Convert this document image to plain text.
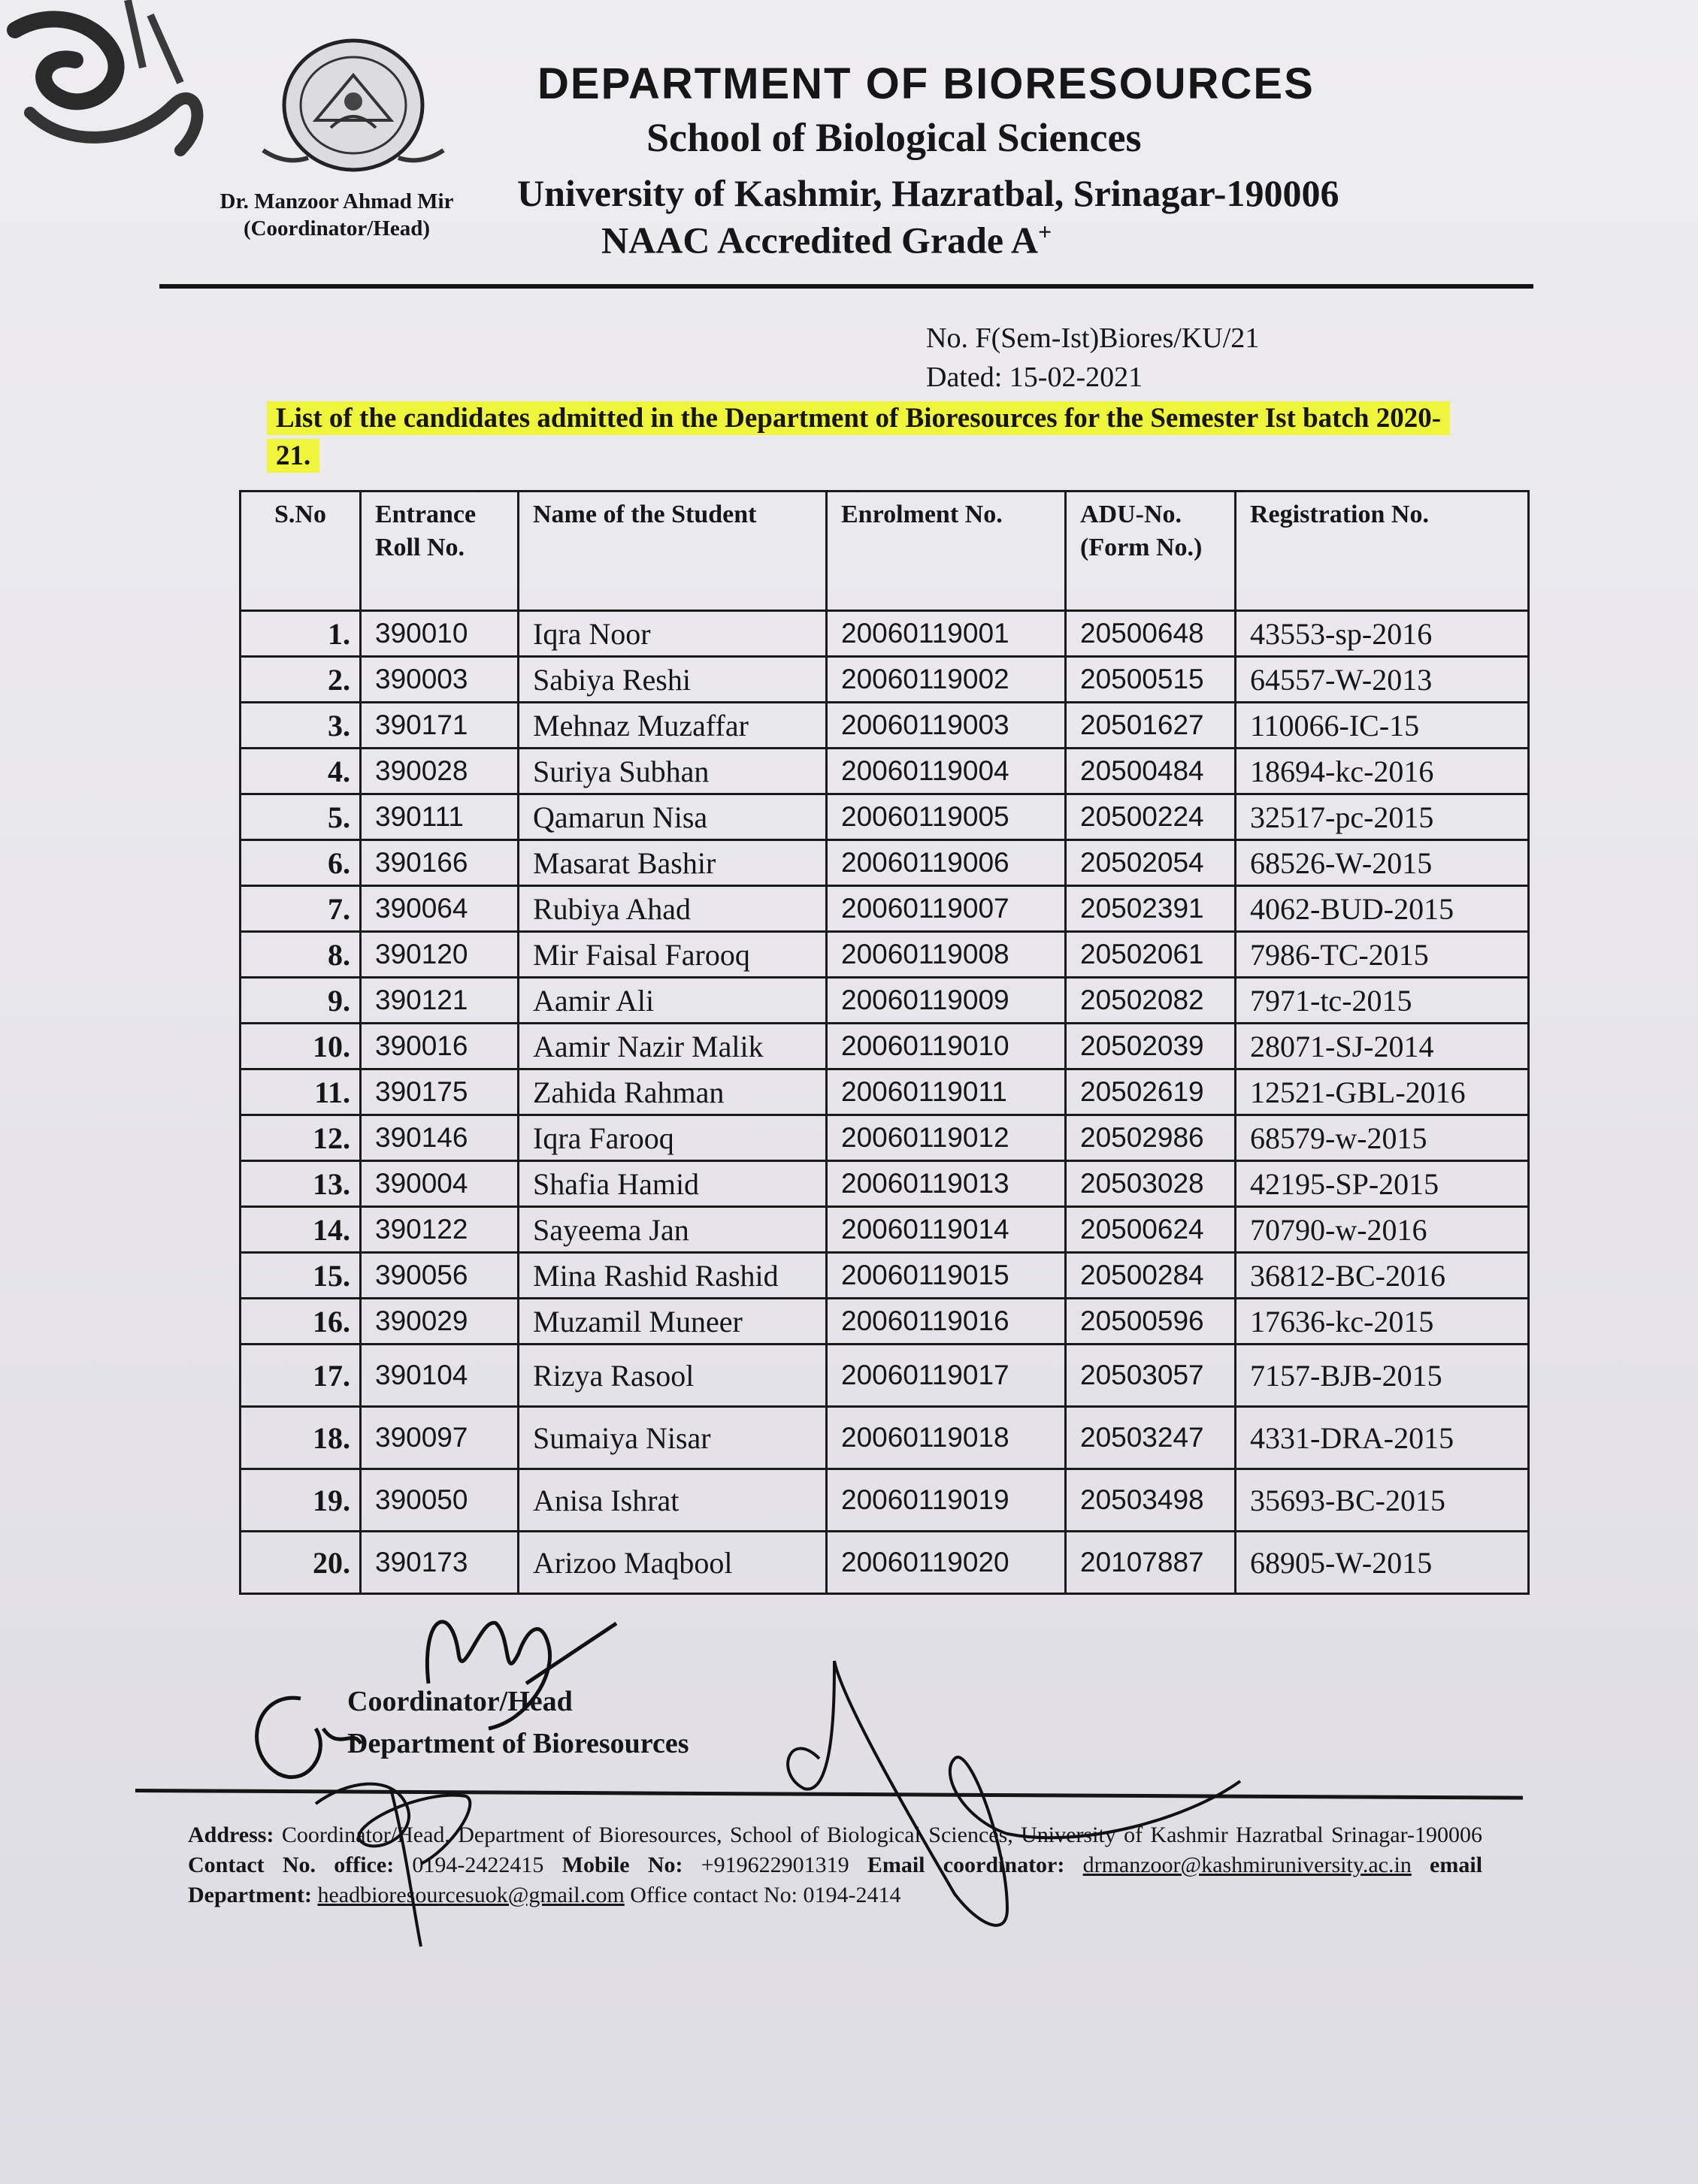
Dr. Manzoor Ahmad Mir
(Coordinator/Head)
DEPARTMENT OF BIORESOURCES
School of Biological Sciences
University of Kashmir, Hazratbal, Srinagar-190006
NAAC Accredited Grade A+
No. F(Sem-Ist)Biores/KU/21
Dated: 15-02-2021
List of the candidates admitted in the Department of Bioresources for the Semester Ist batch 2020-21.
S.No	Entrance Roll No.	Name of the Student	Enrolment No.	ADU-No. (Form No.)	Registration No.
1.	390010	Iqra Noor	20060119001	20500648	43553-sp-2016
2.	390003	Sabiya Reshi	20060119002	20500515	64557-W-2013
3.	390171	Mehnaz Muzaffar	20060119003	20501627	110066-IC-15
4.	390028	Suriya Subhan	20060119004	20500484	18694-kc-2016
5.	390111	Qamarun Nisa	20060119005	20500224	32517-pc-2015
6.	390166	Masarat Bashir	20060119006	20502054	68526-W-2015
7.	390064	Rubiya Ahad	20060119007	20502391	4062-BUD-2015
8.	390120	Mir Faisal Farooq	20060119008	20502061	7986-TC-2015
9.	390121	Aamir Ali	20060119009	20502082	7971-tc-2015
10.	390016	Aamir Nazir Malik	20060119010	20502039	28071-SJ-2014
11.	390175	Zahida Rahman	20060119011	20502619	12521-GBL-2016
12.	390146	Iqra Farooq	20060119012	20502986	68579-w-2015
13.	390004	Shafia Hamid	20060119013	20503028	42195-SP-2015
14.	390122	Sayeema Jan	20060119014	20500624	70790-w-2016
15.	390056	Mina Rashid Rashid	20060119015	20500284	36812-BC-2016
16.	390029	Muzamil Muneer	20060119016	20500596	17636-kc-2015
17.	390104	Rizya Rasool	20060119017	20503057	7157-BJB-2015
18.	390097	Sumaiya Nisar	20060119018	20503247	4331-DRA-2015
19.	390050	Anisa Ishrat	20060119019	20503498	35693-BC-2015
20.	390173	Arizoo Maqbool	20060119020	20107887	68905-W-2015
Coordinator/Head
Department of Bioresources
Address: Coordinator/Head, Department of Bioresources, School of Biological Sciences, University of Kashmir Hazratbal Srinagar-190006 Contact No. office: 0194-2422415 Mobile No: +919622901319 Email coordinator: drmanzoor@kashmiruniversity.ac.in email Department: headbioresourcesuok@gmail.com Office contact No: 0194-2414
